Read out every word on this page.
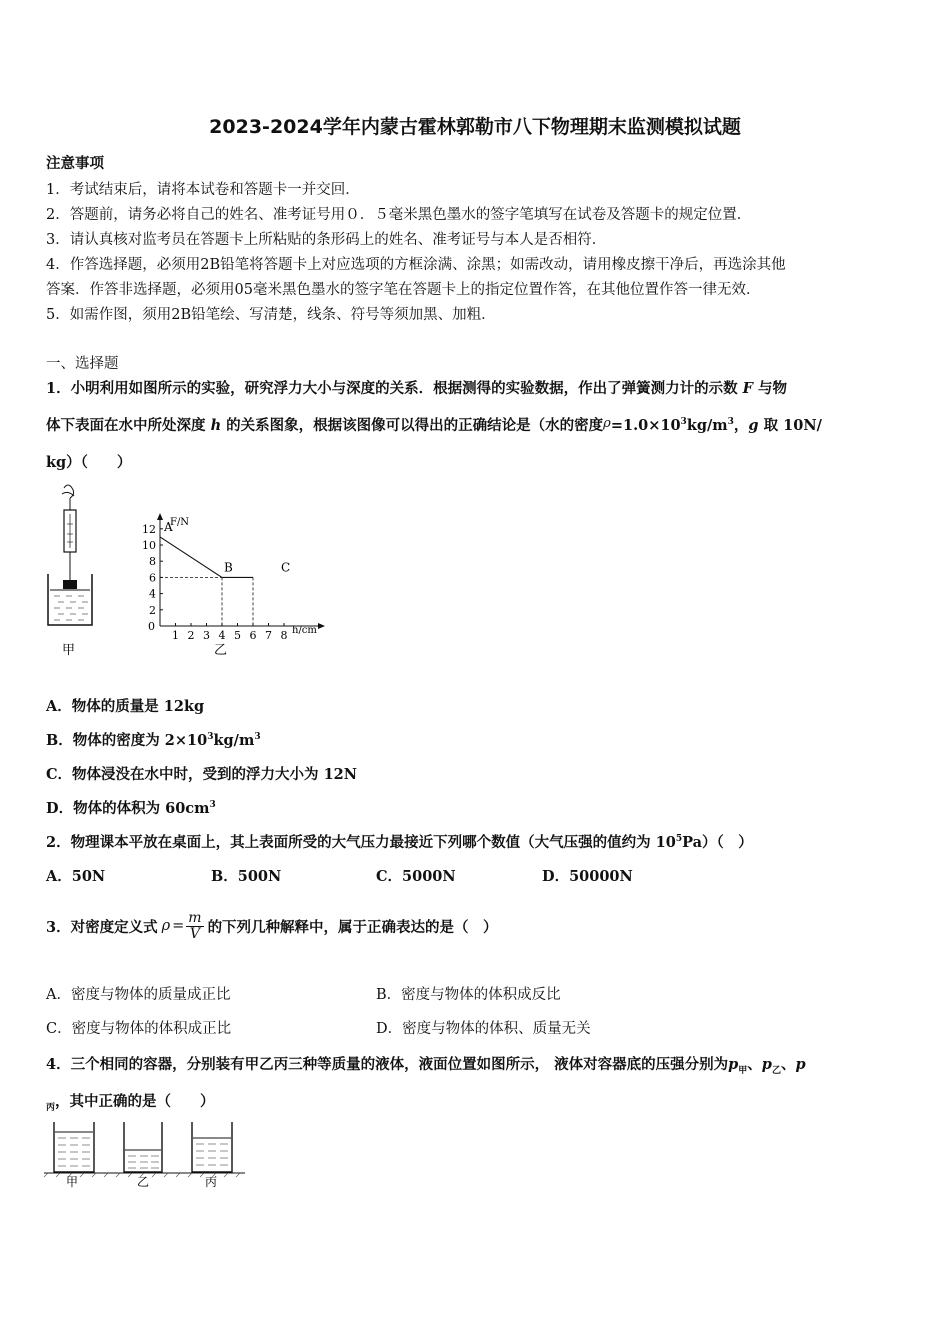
2023-2024学年内蒙古霍林郭勒市八下物理期末监测模拟试题
注意事项
1．考试结束后，请将本试卷和答题卡一并交回．
2．答题前，请务必将自己的姓名、准考证号用０．５毫米黑色墨水的签字笔填写在试卷及答题卡的规定位置．
3．请认真核对监考员在答题卡上所粘贴的条形码上的姓名、准考证号与本人是否相符．
4．作答选择题，必须用2B铅笔将答题卡上对应选项的方框涂满、涂黑；如需改动，请用橡皮擦干净后，再选涂其他
答案．作答非选择题，必须用05毫米黑色墨水的签字笔在答题卡上的指定位置作答，在其他位置作答一律无效．
5．如需作图，须用2B铅笔绘、写清楚，线条、符号等须加黑、加粗．
一、选择题
1．小明利用如图所示的实验，研究浮力大小与深度的关系．根据测得的实验数据，作出了弹簧测力计的示数 F 与物
体下表面在水中所处深度 h 的关系图象，根据该图像可以得出的正确结论是（水的密度$\rho=1.0\times 10^3kg/m^3$，g 取 10N/
kg）（　　）
甲
F/N
h/cm
0
12
10
8
6
4
2
1 2 3 4 5 6 7 8
A
B	C
乙
A．物体的质量是 12kg
B．物体的密度为 $2\times 10^3kg/m^3$
C．物体浸没在水中时，受到的浮力大小为 12N
D．物体的体积为 $60cm^3$
2．物理课本平放在桌面上，其上表面所受的大气压力最接近下列哪个数值（大气压强的值约为 $10^5Pa$）（　）
A．50N	B．500N	C．5000N	D．50000N
3．对密度定义式 $\rho = \frac{m}{V}$ 的下列几种解释中，属于正确表达的是（　）
A．密度与物体的质量成正比	B．密度与物体的体积成反比
C．密度与物体的体积成正比	D．密度与物体的体积、质量无关
4．三个相同的容器，分别装有甲乙丙三种等质量的液体，液面位置如图所示， 液体对容器底的压强分别为$p_甲$、$p_乙$、p
$_丙$，其中正确的是（　　）
甲	乙	丙
